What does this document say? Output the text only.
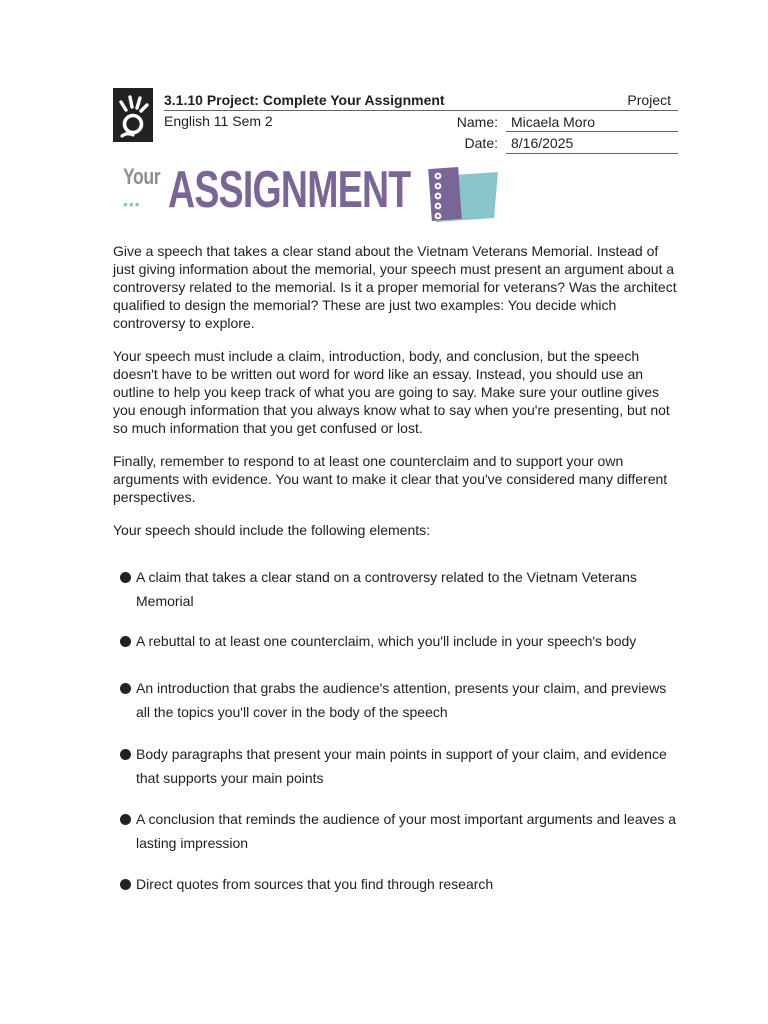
3.1.10 Project: Complete Your Assignment	Project
English 11 Sem 2	Name: Micaela Moro
Date: 8/16/2025
Your
••• ASSIGNMENT

Give a speech that takes a clear stand about the Vietnam Veterans Memorial. Instead of just giving information about the memorial, your speech must present an argument about a controversy related to the memorial. Is it a proper memorial for veterans? Was the architect qualified to design the memorial? These are just two examples: You decide which controversy to explore.

Your speech must include a claim, introduction, body, and conclusion, but the speech doesn't have to be written out word for word like an essay. Instead, you should use an outline to help you keep track of what you are going to say. Make sure your outline gives you enough information that you always know what to say when you're presenting, but not so much information that you get confused or lost.

Finally, remember to respond to at least one counterclaim and to support your own arguments with evidence. You want to make it clear that you've considered many different perspectives.

Your speech should include the following elements:

A claim that takes a clear stand on a controversy related to the Vietnam Veterans Memorial
A rebuttal to at least one counterclaim, which you'll include in your speech's body
An introduction that grabs the audience's attention, presents your claim, and previews all the topics you'll cover in the body of the speech
Body paragraphs that present your main points in support of your claim, and evidence that supports your main points
A conclusion that reminds the audience of your most important arguments and leaves a lasting impression
Direct quotes from sources that you find through research
